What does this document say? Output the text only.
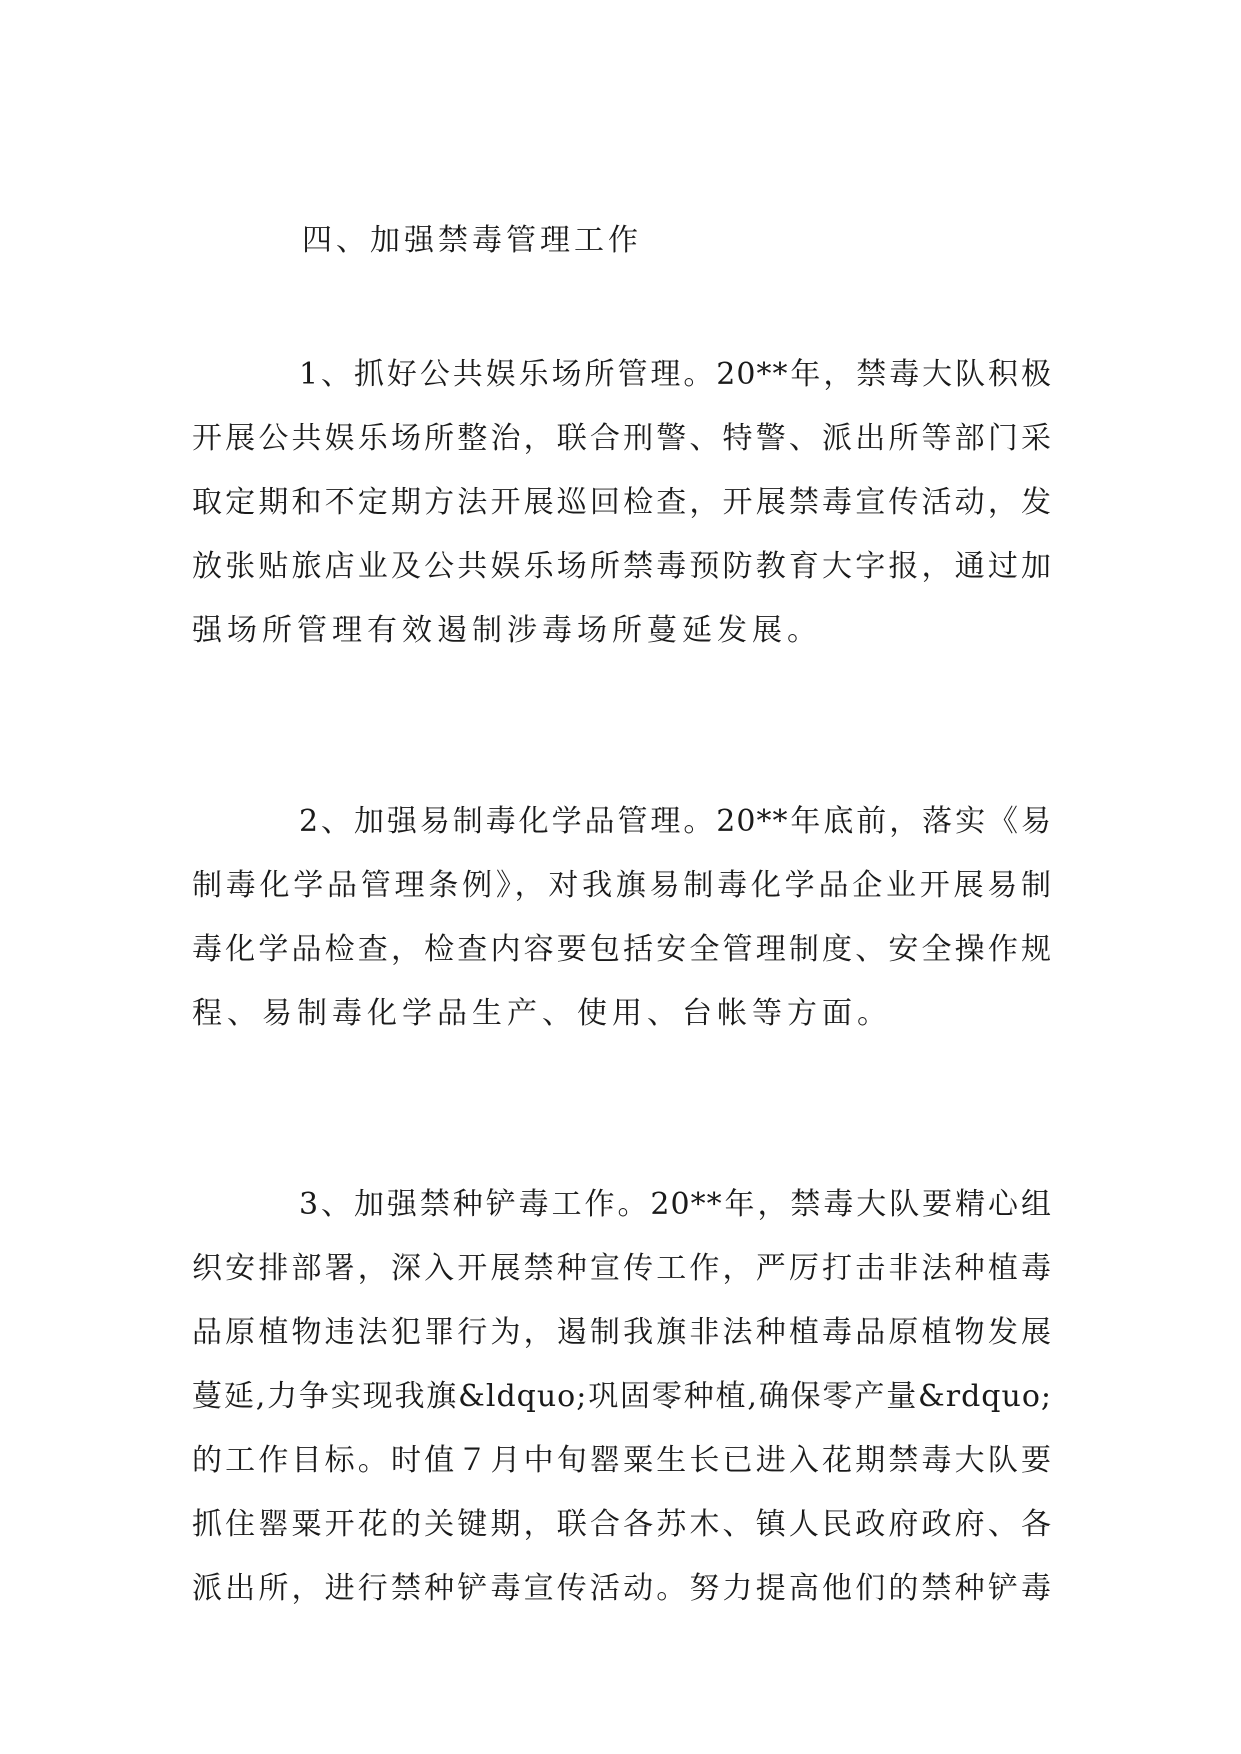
四、加强禁毒管理工作
1、抓好公共娱乐场所管理。20**年，禁毒大队积极
开展公共娱乐场所整治，联合刑警、特警、派出所等部门采
取定期和不定期方法开展巡回检查，开展禁毒宣传活动，发
放张贴旅店业及公共娱乐场所禁毒预防教育大字报，通过加
强场所管理有效遏制涉毒场所蔓延发展。
2、加强易制毒化学品管理。20**年底前，落实《易
制毒化学品管理条例》，对我旗易制毒化学品企业开展易制
毒化学品检查，检查内容要包括安全管理制度、安全操作规
程、易制毒化学品生产、使用、台帐等方面。
3、加强禁种铲毒工作。20**年，禁毒大队要精心组
织安排部署，深入开展禁种宣传工作，严厉打击非法种植毒
品原植物违法犯罪行为，遏制我旗非法种植毒品原植物发展
蔓延,力争实现我旗&ldquo;巩固零种植,确保零产量&rdquo;
的工作目标。时值７月中旬罂粟生长已进入花期禁毒大队要
抓住罂粟开花的关键期，联合各苏木、镇人民政府政府、各
派出所，进行禁种铲毒宣传活动。努力提高他们的禁种铲毒
